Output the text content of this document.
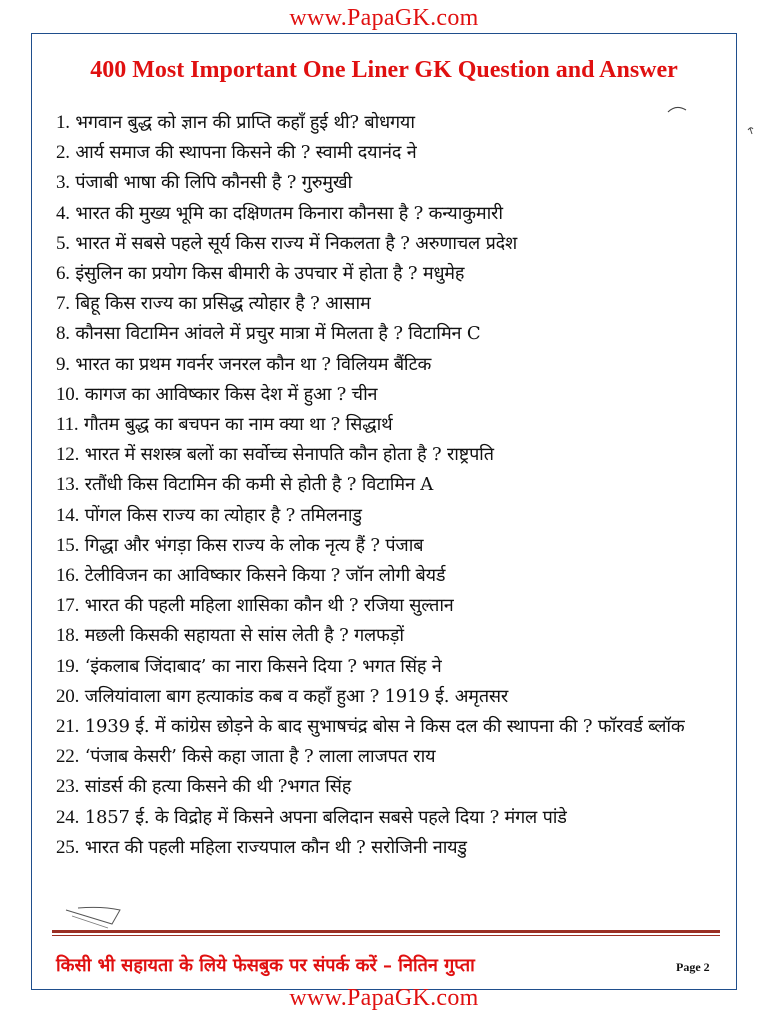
www.PapaGK.com
400 Most Important One Liner GK Question and Answer
1. भगवान बुद्ध को ज्ञान की प्राप्ति कहाँ हुई थी? बोधगया
2. आर्य समाज की स्थापना किसने की ? स्वामी दयानंद ने
3. पंजाबी भाषा की लिपि कौनसी है ? गुरुमुखी
4. भारत की मुख्य भूमि का दक्षिणतम किनारा कौनसा है ? कन्याकुमारी
5. भारत में सबसे पहले सूर्य किस राज्य में निकलता है ? अरुणाचल प्रदेश
6. इंसुलिन का प्रयोग किस बीमारी के उपचार में होता है ? मधुमेह
7. बिहू किस राज्य का प्रसिद्ध त्योहार है ? आसाम
8. कौनसा विटामिन आंवले में प्रचुर मात्रा में मिलता है ? विटामिन C
9. भारत का प्रथम गवर्नर जनरल कौन था ? विलियम बैंटिक
10. कागज का आविष्कार किस देश में हुआ ? चीन
11. गौतम बुद्ध का बचपन का नाम क्या था ? सिद्धार्थ
12. भारत में सशस्त्र बलों का सर्वोच्च सेनापति कौन होता है ? राष्ट्रपति
13. रतौंधी किस विटामिन की कमी से होती है ? विटामिन A
14. पोंगल किस राज्य का त्योहार है ? तमिलनाडु
15. गिद्धा और भंगड़ा किस राज्य के लोक नृत्य हैं ? पंजाब
16. टेलीविजन का आविष्कार किसने किया ? जॉन लोगी बेयर्ड
17. भारत की पहली महिला शासिका कौन थी ? रजिया सुल्तान
18. मछली किसकी सहायता से सांस लेती है ? गलफड़ों
19. ‘इंकलाब जिंदाबाद’ का नारा किसने दिया ? भगत सिंह ने
20. जलियांवाला बाग हत्याकांड कब व कहाँ हुआ ? 1919 ई. अमृतसर
21. 1939 ई. में कांग्रेस छोड़ने के बाद सुभाषचंद्र बोस ने किस दल की स्थापना की ? फॉरवर्ड ब्लॉक
22. ‘पंजाब केसरी’ किसे कहा जाता है ? लाला लाजपत राय
23. सांडर्स की हत्या किसने की थी ?भगत सिंह
24. 1857 ई. के विद्रोह में किसने अपना बलिदान सबसे पहले दिया ? मंगल पांडे
25. भारत की पहली महिला राज्यपाल कौन थी ? सरोजिनी नायडु
किसी भी सहायता के लिये फेसबुक पर संपर्क करें – नितिन गुप्ता	Page 2
www.PapaGK.com
